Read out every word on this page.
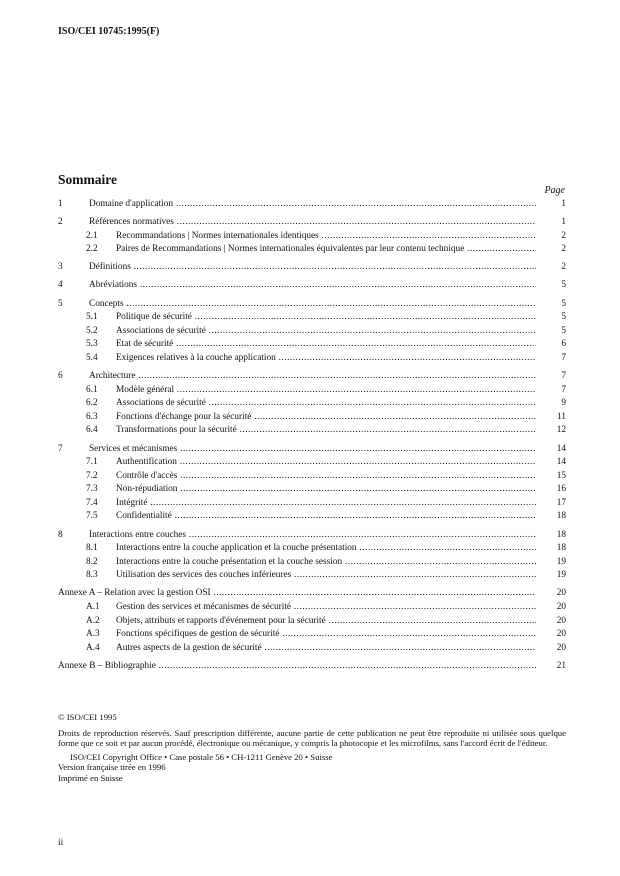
ISO/CEI 10745:1995(F)
Sommaire
Page
1	Domaine d'application .....	1
2	Références normatives .....	1
2.1 Recommandations | Normes internationales identiques .....	2
2.2 Paires de Recommandations | Normes internationales équivalentes par leur contenu technique .....	2
3	Définitions .....	2
4	Abréviations .....	5
5	Concepts .....	5
5.1 Politique de sécurité .....	5
5.2 Associations de sécurité .....	5
5.3 Etat de sécurité .....	6
5.4 Exigences relatives à la couche application .....	7
6	Architecture .....	7
6.1 Modèle général .....	7
6.2 Associations de sécurité .....	9
6.3 Fonctions d'échange pour la sécurité .....	11
6.4 Transformations pour la sécurité .....	12
7	Services et mécanismes .....	14
7.1 Authentification .....	14
7.2 Contrôle d'accès .....	15
7.3 Non-répudiation .....	16
7.4 Intégrité .....	17
7.5 Confidentialité .....	18
8	Interactions entre couches .....	18
8.1 Interactions entre la couche application et la couche présentation .....	18
8.2 Interactions entre la couche présentation et la couche session .....	19
8.3 Utilisation des services des couches inférieures .....	19
Annexe A – Relation avec la gestion OSI .....	20
A.1 Gestion des services et mécanismes de sécurité .....	20
A.2 Objets, attributs et rapports d'événement pour la sécurité .....	20
A.3 Fonctions spécifiques de gestion de sécurité .....	20
A.4 Autres aspects de la gestion de sécurité .....	20
Annexe B – Bibliographie .....	21

© ISO/CEI 1995

Droits de reproduction réservés. Sauf prescription différente, aucune partie de cette publication ne peut être reproduite ni utilisée sous quelque forme que ce soit et par aucun procédé, électronique ou mécanique, y compris la photocopie et les microfilms, sans l'accord écrit de l'éditeur.

ISO/CEI Copyright Office • Case postale 56 • CH-1211 Genève 20 • Suisse

Version française tirée en 1996

Imprimé en Suisse

ii
